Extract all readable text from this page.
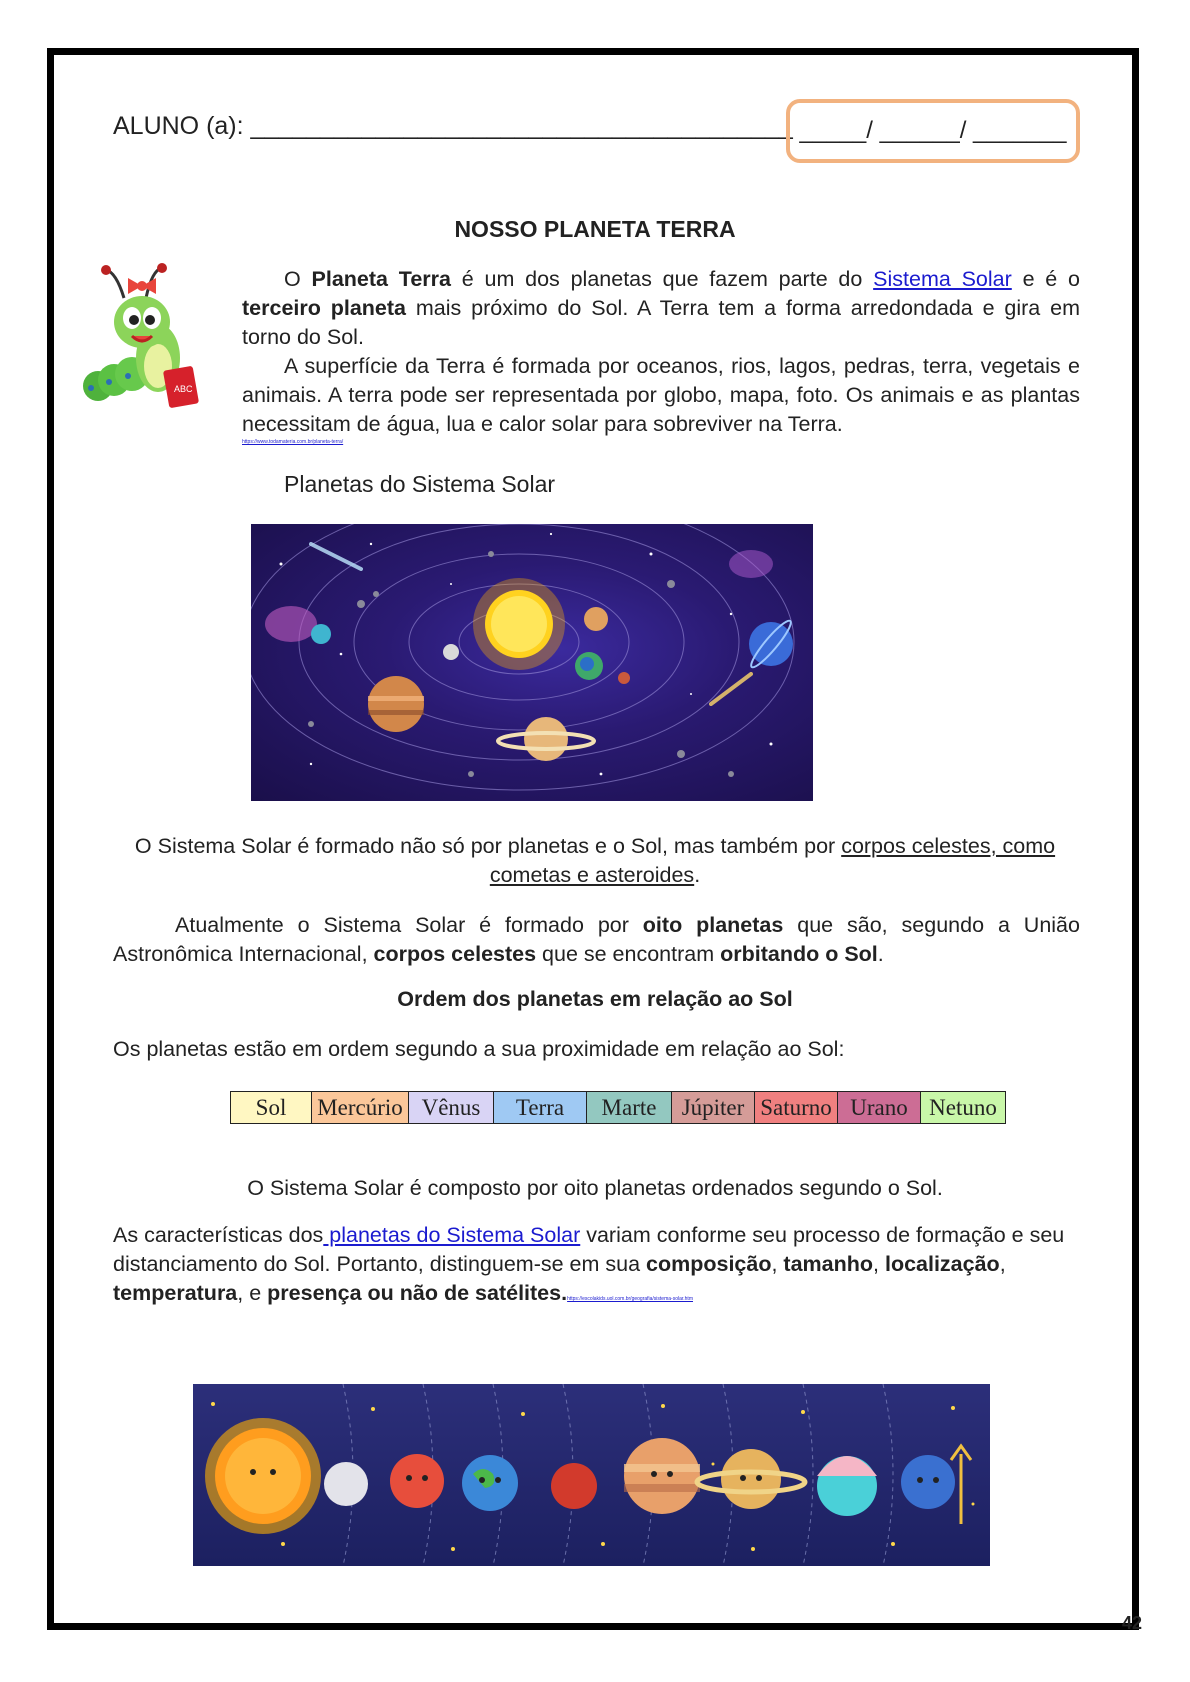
ALUNO (a): _______________________________________ _____/ ______/ _______
NOSSO PLANETA TERRA
ABC

O Planeta Terra é um dos planetas que fazem parte do Sistema Solar e é o terceiro planeta mais próximo do Sol. A Terra tem a forma arredondada e gira em torno do Sol.

A superfície da Terra é formada por oceanos, rios, lagos, pedras, terra, vegetais e animais. A terra pode ser representada por globo, mapa, foto. Os animais e as plantas necessitam de água, lua e calor solar para sobreviver na Terra.

https://www.todamateria.com.br/planeta-terra/
Planetas do Sistema Solar
O Sistema Solar é formado não só por planetas e o Sol, mas também por corpos celestes, como cometas e asteroides.

Atualmente o Sistema Solar é formado por oito planetas que são, segundo a União Astronômica Internacional, corpos celestes que se encontram orbitando o Sol.

Ordem dos planetas em relação ao Sol
Os planetas estão em ordem segundo a sua proximidade em relação ao Sol:
Sol	Mercúrio	Vênus	Terra	Marte	Júpiter	Saturno	Urano	Netuno
O Sistema Solar é composto por oito planetas ordenados segundo o Sol.
As características dos planetas do Sistema Solar variam conforme seu processo de formação e seu distanciamento do Sol. Portanto, distinguem-se em sua composição, tamanho, localização, temperatura, e presença ou não de satélites.https://escolakids.uol.com.br/geografia/sistema-solar.htm
42
